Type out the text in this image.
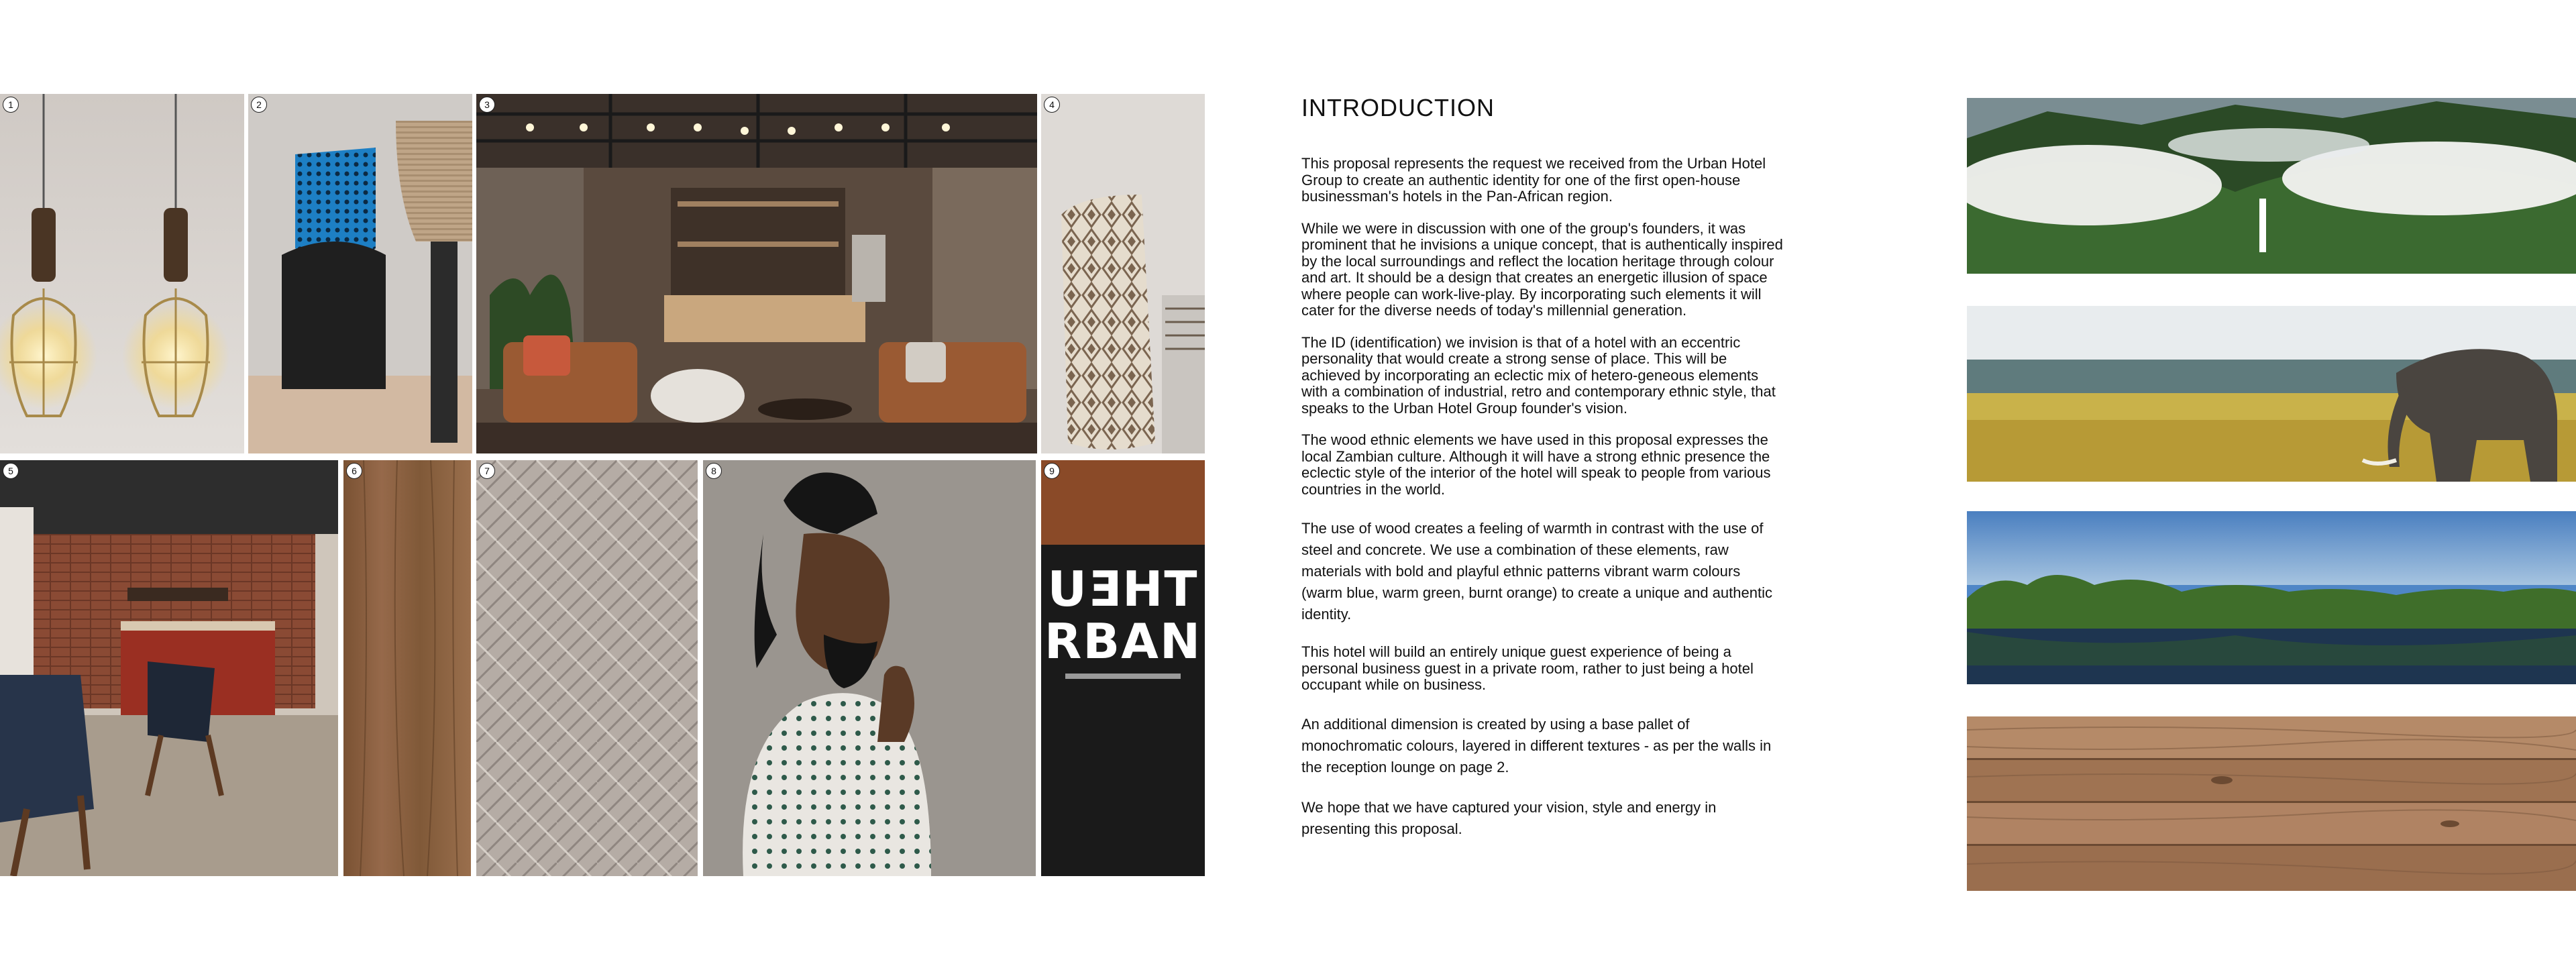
1	2	3	4
5	6	7	8	9
UƎHT
RBAN
INTRODUCTION

This proposal represents the request we received from the Urban Hotel Group to create an authentic identity for one of the first open-house businessman's hotels in the Pan-African region.

While we were in discussion with one of the group's founders, it was prominent that he invisions a unique concept, that is authentically inspired by the local surroundings and reflect the location heritage through colour and art. It should be a design that creates an energetic illusion of space where people can work-live-play. By incorporating such elements it will cater for the diverse needs of today's millennial generation.

The ID (identification) we invision is that of a hotel with an eccentric personality that would create a strong sense of place. This will be achieved by incorporating an eclectic mix of hetero-geneous elements with a combination of industrial, retro and contemporary ethnic style, that speaks to the Urban Hotel Group founder's vision.

The wood ethnic elements we have used in this proposal expresses the local Zambian culture. Although it will have a strong ethnic presence the eclectic style of the interior of the hotel will speak to people from various countries in the world.

The use of wood creates a feeling of warmth in contrast with the use of steel and concrete. We use a combination of these elements, raw materials with bold and playful ethnic patterns vibrant warm colours (warm blue, warm green, burnt orange) to create a unique and authentic identity.

This hotel will build an entirely unique guest experience of being a personal business guest in a private room, rather to just being a hotel occupant while on business.

An additional dimension is created by using a base pallet of monochromatic colours, layered in different textures - as per the walls in the reception lounge on page 2.

We hope that we have captured your vision, style and energy in presenting this proposal.
